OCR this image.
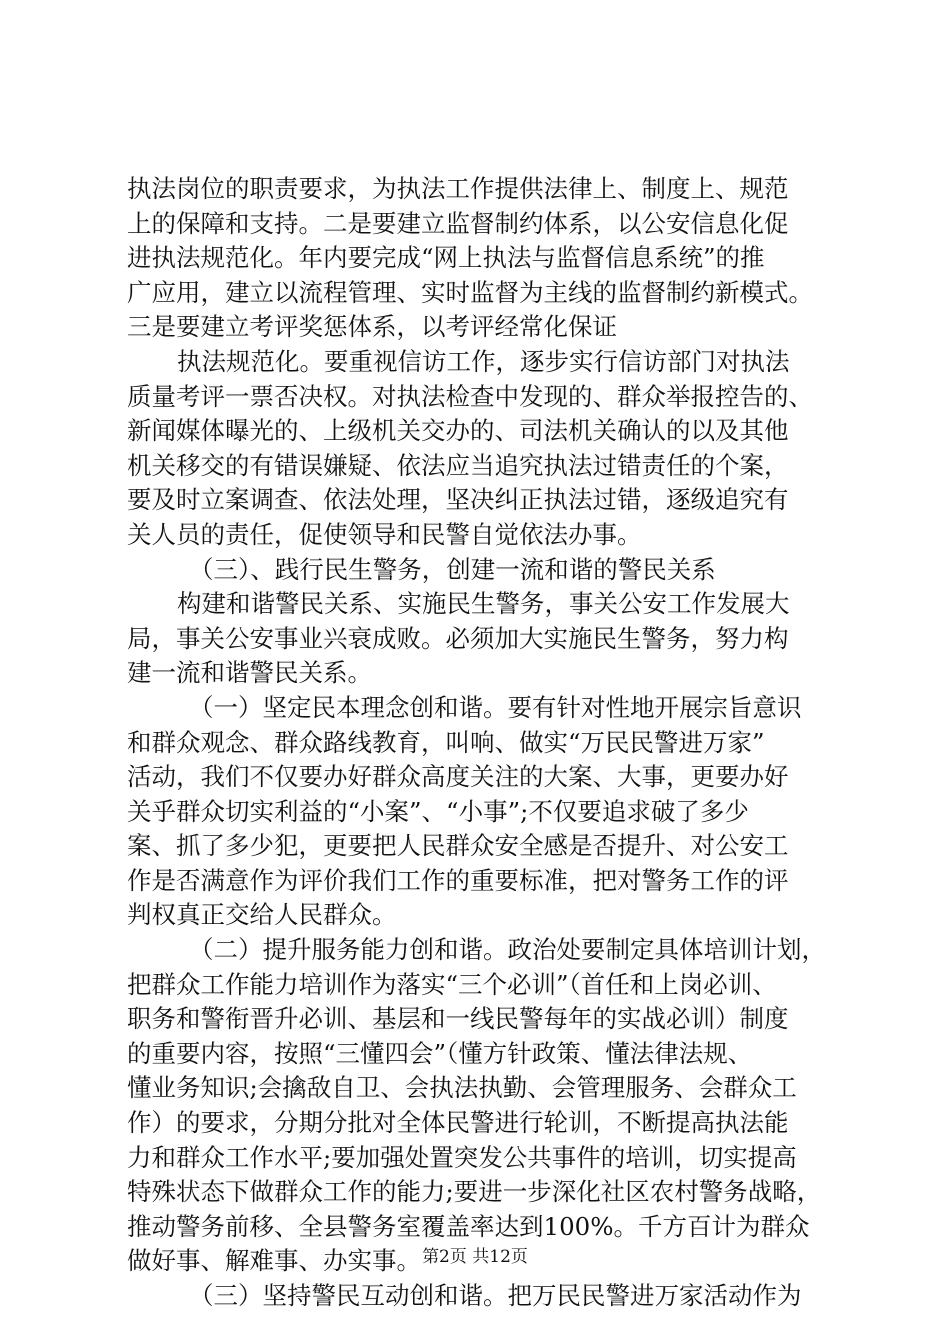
执法岗位的职责要求，为执法工作提供法律上、制度上、规范
上的保障和支持。二是要建立监督制约体系，以公安信息化促
进执法规范化。年内要完成“网上执法与监督信息系统”的推
广应用，建立以流程管理、实时监督为主线的监督制约新模式。
三是要建立考评奖惩体系，以考评经常化保证
执法规范化。要重视信访工作，逐步实行信访部门对执法
质量考评一票否决权。对执法检查中发现的、群众举报控告的、
新闻媒体曝光的、上级机关交办的、司法机关确认的以及其他
机关移交的有错误嫌疑、依法应当追究执法过错责任的个案，
要及时立案调查、依法处理，坚决纠正执法过错，逐级追究有
关人员的责任，促使领导和民警自觉依法办事。
（三）、践行民生警务，创建一流和谐的警民关系
构建和谐警民关系、实施民生警务，事关公安工作发展大
局，事关公安事业兴衰成败。必须加大实施民生警务，努力构
建一流和谐警民关系。
（一）坚定民本理念创和谐。要有针对性地开展宗旨意识
和群众观念、群众路线教育，叫响、做实“万民民警进万家”
活动，我们不仅要办好群众高度关注的大案、大事，更要办好
关乎群众切实利益的“小案”、“小事”;不仅要追求破了多少
案、抓了多少犯，更要把人民群众安全感是否提升、对公安工
作是否满意作为评价我们工作的重要标准，把对警务工作的评
判权真正交给人民群众。
（二）提升服务能力创和谐。政治处要制定具体培训计划，
把群众工作能力培训作为落实“三个必训”（首任和上岗必训、
职务和警衔晋升必训、基层和一线民警每年的实战必训）制度
的重要内容，按照“三懂四会”（懂方针政策、懂法律法规、
懂业务知识;会擒敌自卫、会执法执勤、会管理服务、会群众工
作）的要求，分期分批对全体民警进行轮训，不断提高执法能
力和群众工作水平;要加强处置突发公共事件的培训，切实提高
特殊状态下做群众工作的能力;要进一步深化社区农村警务战略，
推动警务前移、全县警务室覆盖率达到100%。千方百计为群众
做好事、解难事、办实事。
（三）坚持警民互动创和谐。把万民民警进万家活动作为
第2页 共12页
